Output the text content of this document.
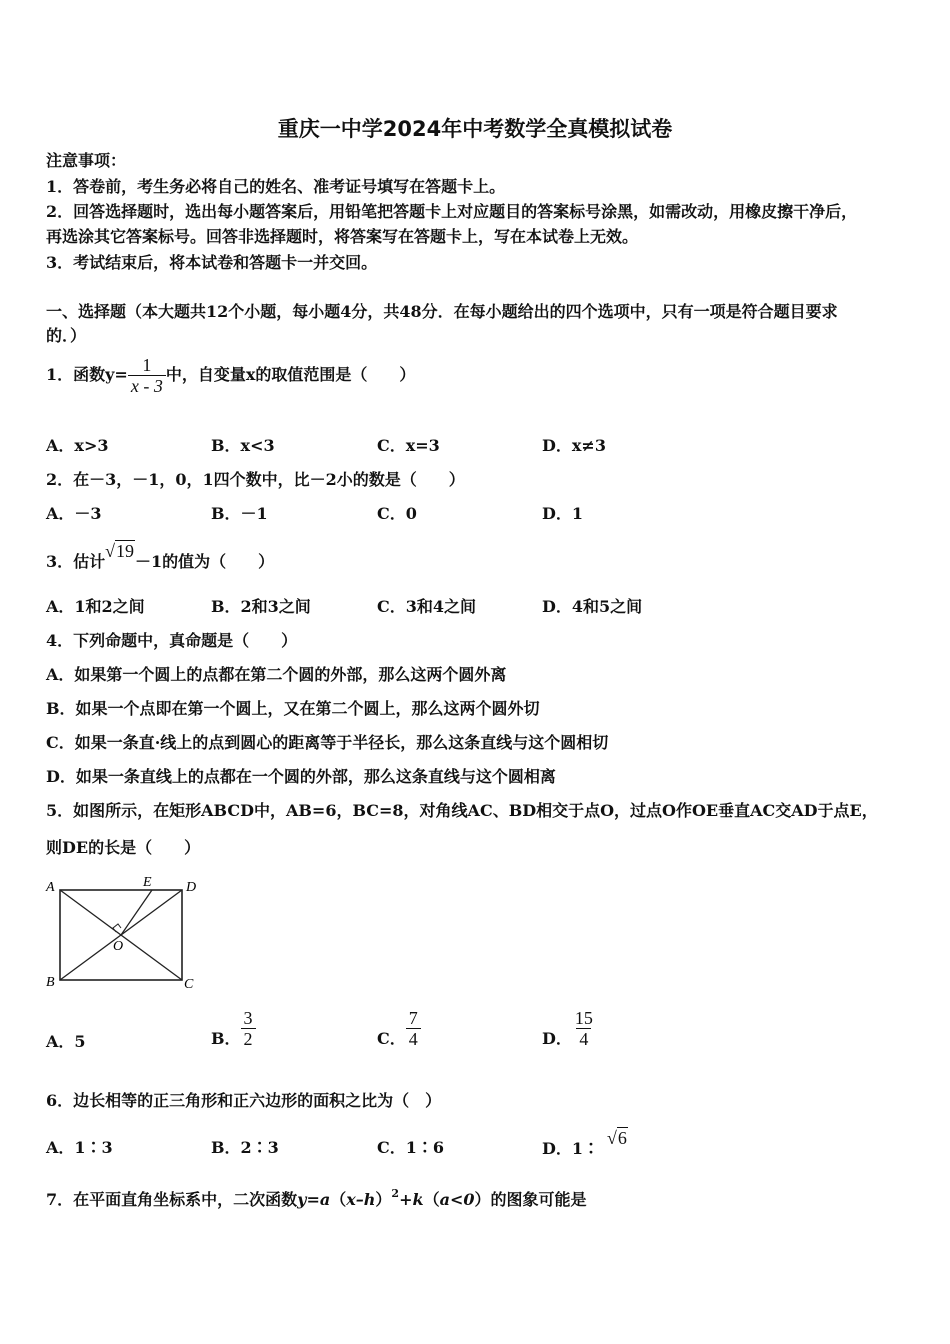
重庆一中学2024年中考数学全真模拟试卷
注意事项：
1．答卷前，考生务必将自己的姓名、准考证号填写在答题卡上。
2．回答选择题时，选出每小题答案后，用铅笔把答题卡上对应题目的答案标号涂黑，如需改动，用橡皮擦干净后，
再选涂其它答案标号。回答非选择题时，将答案写在答题卡上，写在本试卷上无效。
3．考试结束后，将本试卷和答题卡一并交回。
一、选择题（本大题共12个小题，每小题4分，共48分．在每小题给出的四个选项中，只有一项是符合题目要求
的．）
1．函数$y= \frac{1}{x - 3}$ 中，自变量x的取值范围是（　　）
A．x>3	B．x<3	C．x=3	D．x≠3
2．在－3，－1，0，1四个数中，比－2小的数是（　　）
A．－3	B．－1	C．0	D．1
3．估计√19－1的值为（　　）
A．1和2之间	B．2和3之间	C．3和4之间	D．4和5之间
4．下列命题中，真命题是（　　）
A．如果第一个圆上的点都在第二个圆的外部，那么这两个圆外离
B．如果一个点即在第一个圆上，又在第二个圆上，那么这两个圆外切
C．如果一条直·线上的点到圆心的距离等于半径长，那么这条直线与这个圆相切
D．如果一条直线上的点都在一个圆的外部，那么这条直线与这个圆相离
5．如图所示，在矩形ABCD中，AB=6，BC=8，对角线AC、BD相交于点O，过点O作OE垂直AC交AD于点E，
则DE的长是（　　）
A	E D
O
B	C
A．5	B． $\frac{3}{2}$	C． $\frac{7}{4}$	D． $\frac{15}{4}$
6．边长相等的正三角形和正六边形的面积之比为（　）
A．1∶3	B．2∶3	C．1∶6	D．1∶√6
7．在平面直角坐标系中，二次函数$y=a(x-h)^2+k(a<0)$的图象可能是
